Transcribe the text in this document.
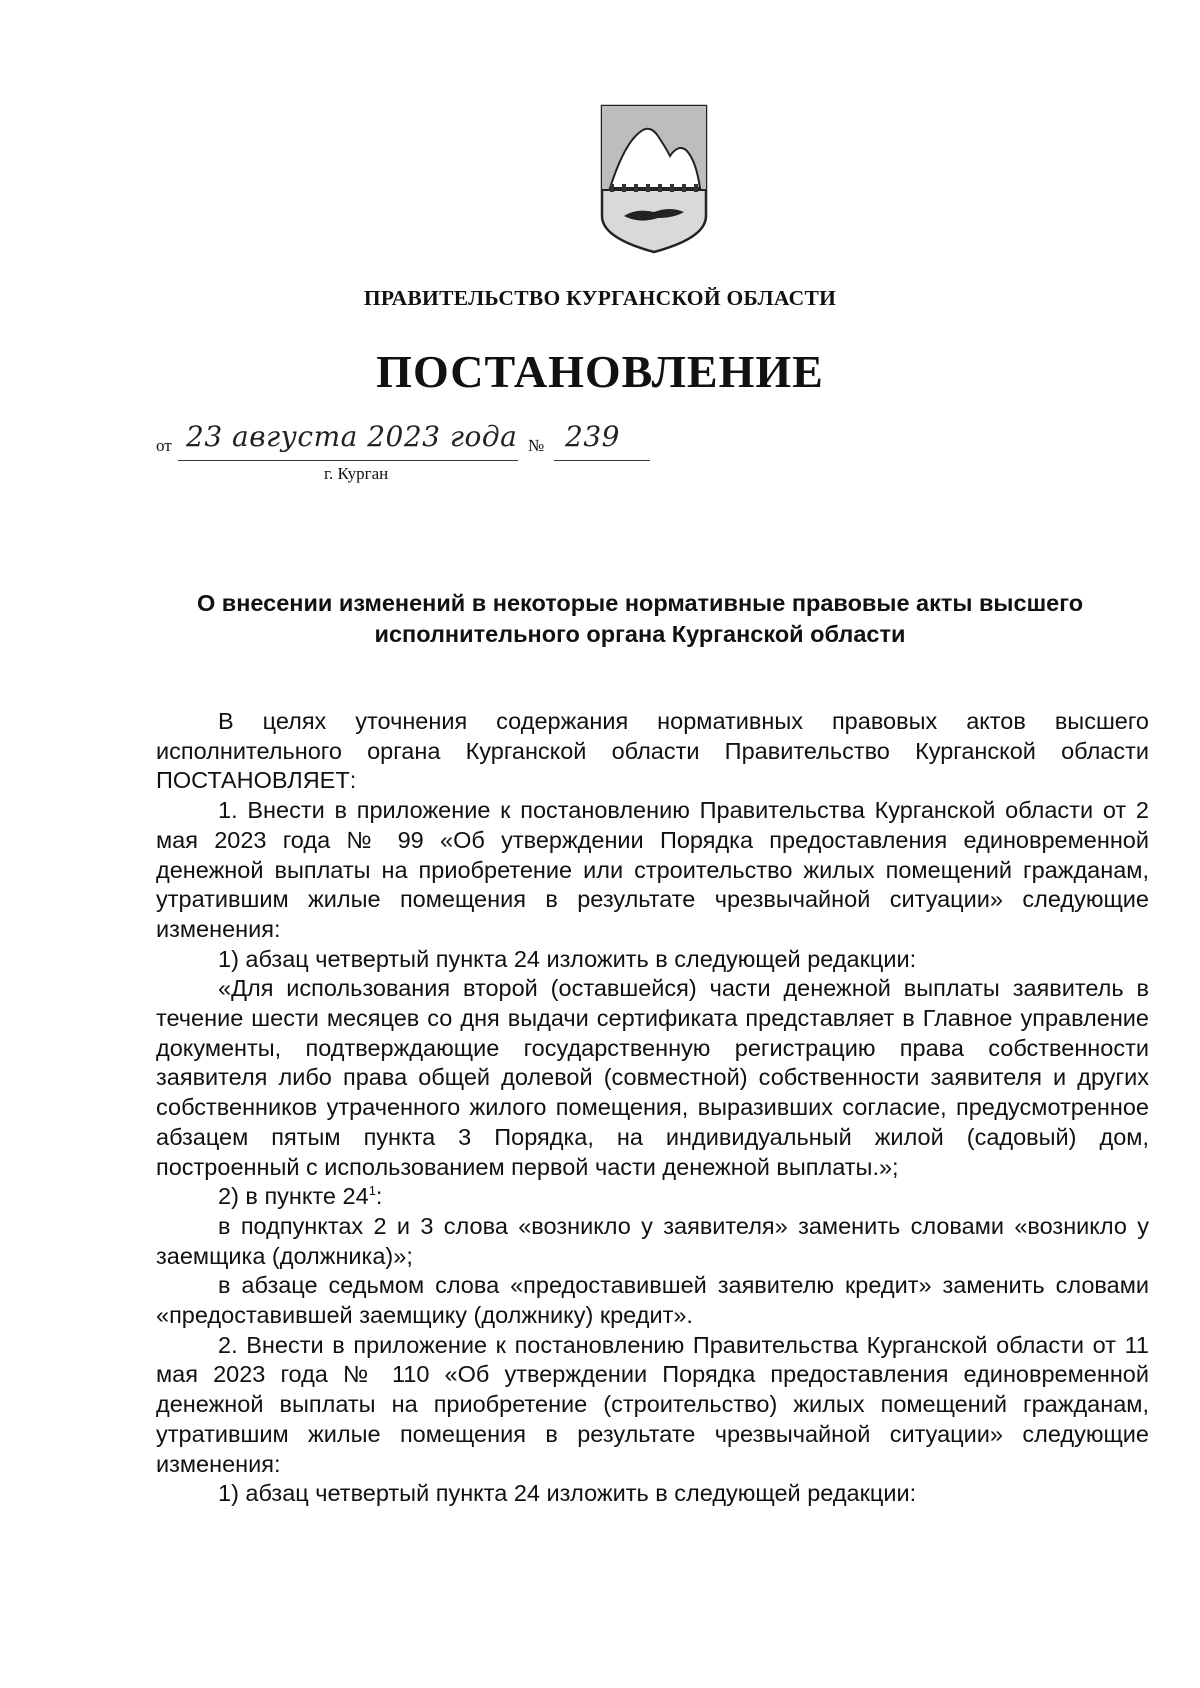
ПРАВИТЕЛЬСТВО КУРГАНСКОЙ ОБЛАСТИ
ПОСТАНОВЛЕНИЕ
от 23 августа 2023 года № 239
г. Курган
О внесении изменений в некоторые нормативные правовые акты высшего исполнительного органа Курганской области

В целях уточнения содержания нормативных правовых актов высшего исполнительного органа Курганской области Правительство Курганской области ПОСТАНОВЛЯЕТ:

1. Внести в приложение к постановлению Правительства Курганской области от 2 мая 2023 года № 99 «Об утверждении Порядка предоставления единовременной денежной выплаты на приобретение или строительство жилых помещений гражданам, утратившим жилые помещения в результате чрезвычайной ситуации» следующие изменения:

1) абзац четвертый пункта 24 изложить в следующей редакции:

«Для использования второй (оставшейся) части денежной выплаты заявитель в течение шести месяцев со дня выдачи сертификата представляет в Главное управление документы, подтверждающие государственную регистрацию права собственности заявителя либо права общей долевой (совместной) собственности заявителя и других собственников утраченного жилого помещения, выразивших согласие, предусмотренное абзацем пятым пункта 3 Порядка, на индивидуальный жилой (садовый) дом, построенный с использованием первой части денежной выплаты.»;

2) в пункте $24^1$:

в подпунктах 2 и 3 слова «возникло у заявителя» заменить словами «возникло у заемщика (должника)»;

в абзаце седьмом слова «предоставившей заявителю кредит» заменить словами «предоставившей заемщику (должнику) кредит».

2. Внести в приложение к постановлению Правительства Курганской области от 11 мая 2023 года № 110 «Об утверждении Порядка предоставления единовременной денежной выплаты на приобретение (строительство) жилых помещений гражданам, утратившим жилые помещения в результате чрезвычайной ситуации» следующие изменения:

1) абзац четвертый пункта 24 изложить в следующей редакции:
